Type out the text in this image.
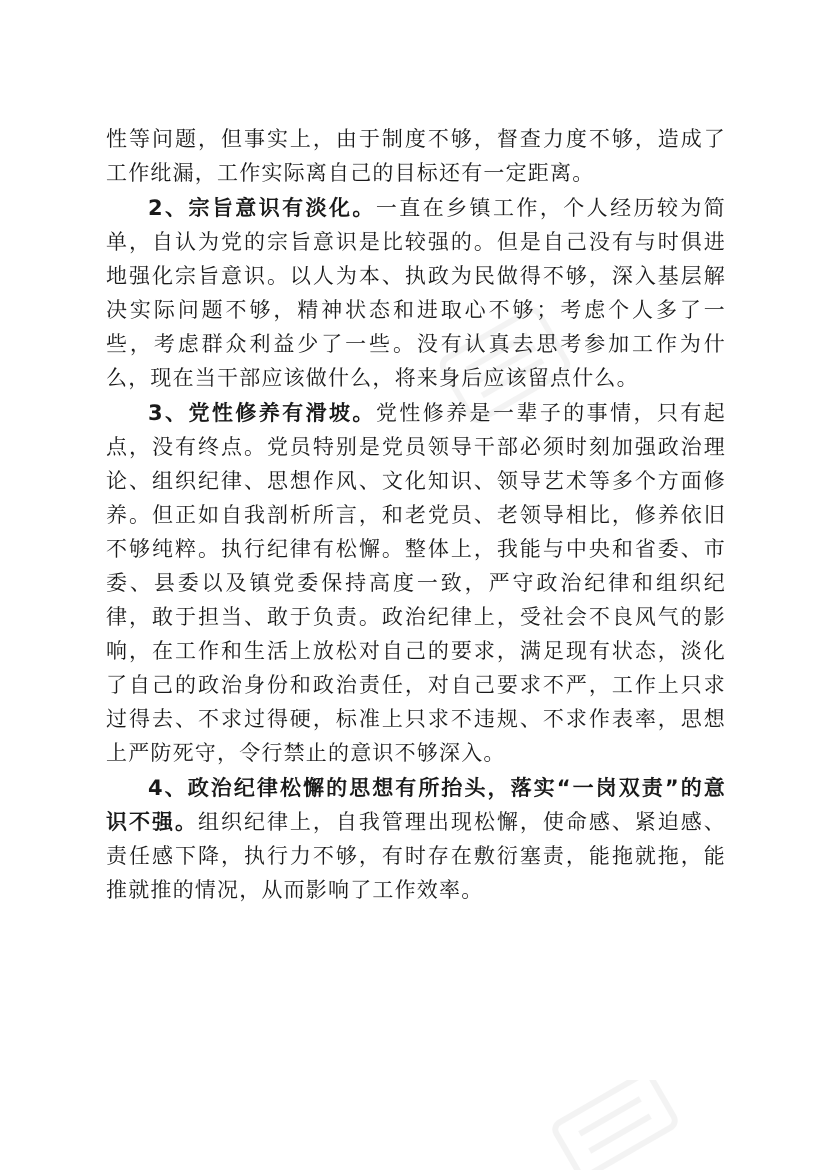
性等问题，但事实上，由于制度不够，督查力度不够，造成了工作纰漏，工作实际离自己的目标还有一定距离。

2、宗旨意识有淡化。一直在乡镇工作，个人经历较为简单，自认为党的宗旨意识是比较强的。但是自己没有与时俱进地强化宗旨意识。以人为本、执政为民做得不够，深入基层解决实际问题不够，精神状态和进取心不够；考虑个人多了一些，考虑群众利益少了一些。没有认真去思考参加工作为什么，现在当干部应该做什么，将来身后应该留点什么。

3、党性修养有滑坡。党性修养是一辈子的事情，只有起点，没有终点。党员特别是党员领导干部必须时刻加强政治理论、组织纪律、思想作风、文化知识、领导艺术等多个方面修养。但正如自我剖析所言，和老党员、老领导相比，修养依旧不够纯粹。执行纪律有松懈。整体上，我能与中央和省委、市委、县委以及镇党委保持高度一致，严守政治纪律和组织纪律，敢于担当、敢于负责。政治纪律上，受社会不良风气的影响，在工作和生活上放松对自己的要求，满足现有状态，淡化了自己的政治身份和政治责任，对自己要求不严，工作上只求过得去、不求过得硬，标准上只求不违规、不求作表率，思想上严防死守，令行禁止的意识不够深入。

4、政治纪律松懈的思想有所抬头，落实“一岗双责”的意识不强。组织纪律上，自我管理出现松懈，使命感、紧迫感、责任感下降，执行力不够，有时存在敷衍塞责，能拖就拖，能推就推的情况，从而影响了工作效率。
